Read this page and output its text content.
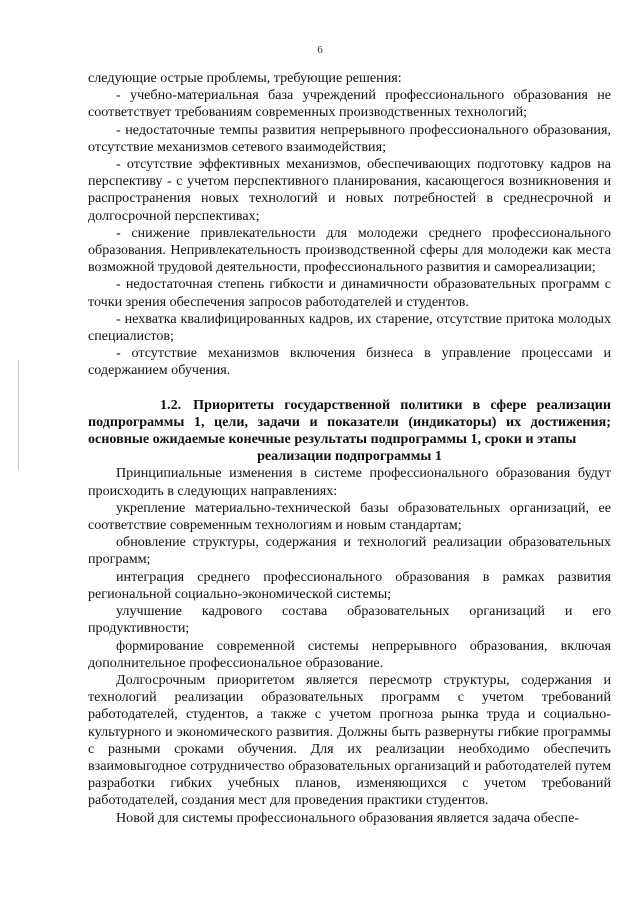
6

следующие острые проблемы, требующие решения:

- учебно-материальная база учреждений профессионального образования не соответствует требованиям современных производственных технологий;

- недостаточные темпы развития непрерывного профессионального образования, отсутствие механизмов сетевого взаимодействия;

- отсутствие эффективных механизмов, обеспечивающих подготовку кадров на перспективу - с учетом перспективного планирования, касающегося возникновения и распространения новых технологий и новых потребностей в среднесрочной и долгосрочной перспективах;

- снижение привлекательности для молодежи среднего профессионального образования. Непривлекательность производственной сферы для молодежи как места возможной трудовой деятельности, профессионального развития и самореализации;

- недостаточная степень гибкости и динамичности образовательных программ с точки зрения обеспечения запросов работодателей и студентов.

- нехватка квалифицированных кадров, их старение, отсутствие притока молодых специалистов;

- отсутствие механизмов включения бизнеса в управление процессами и содержанием обучения.

1.2. Приоритеты государственной политики в сфере реализации подпрограммы 1, цели, задачи и показатели (индикаторы) их достижения; основные ожидаемые конечные результаты подпрограммы 1, сроки и этапы
реализации подпрограммы 1

Принципиальные изменения в системе профессионального образования будут происходить в следующих направлениях:

укрепление материально-технической базы образовательных организаций, ее соответствие современным технологиям и новым стандартам;

обновление структуры, содержания и технологий реализации образовательных программ;

интеграция среднего профессионального образования в рамках развития региональной социально-экономической системы;

улучшение кадрового состава образовательных организаций и его продуктивности;

формирование современной системы непрерывного образования, включая дополнительное профессиональное образование.

Долгосрочным приоритетом является пересмотр структуры, содержания и технологий реализации образовательных программ с учетом требований работодателей, студентов, а также с учетом прогноза рынка труда и социально-культурного и экономического развития. Должны быть развернуты гибкие программы с разными сроками обучения. Для их реализации необходимо обеспечить взаимовыгодное сотрудничество образовательных организаций и работодателей путем разработки гибких учебных планов, изменяющихся с учетом требований работодателей, создания мест для проведения практики студентов.

Новой для системы профессионального образования является задача обеспе-
